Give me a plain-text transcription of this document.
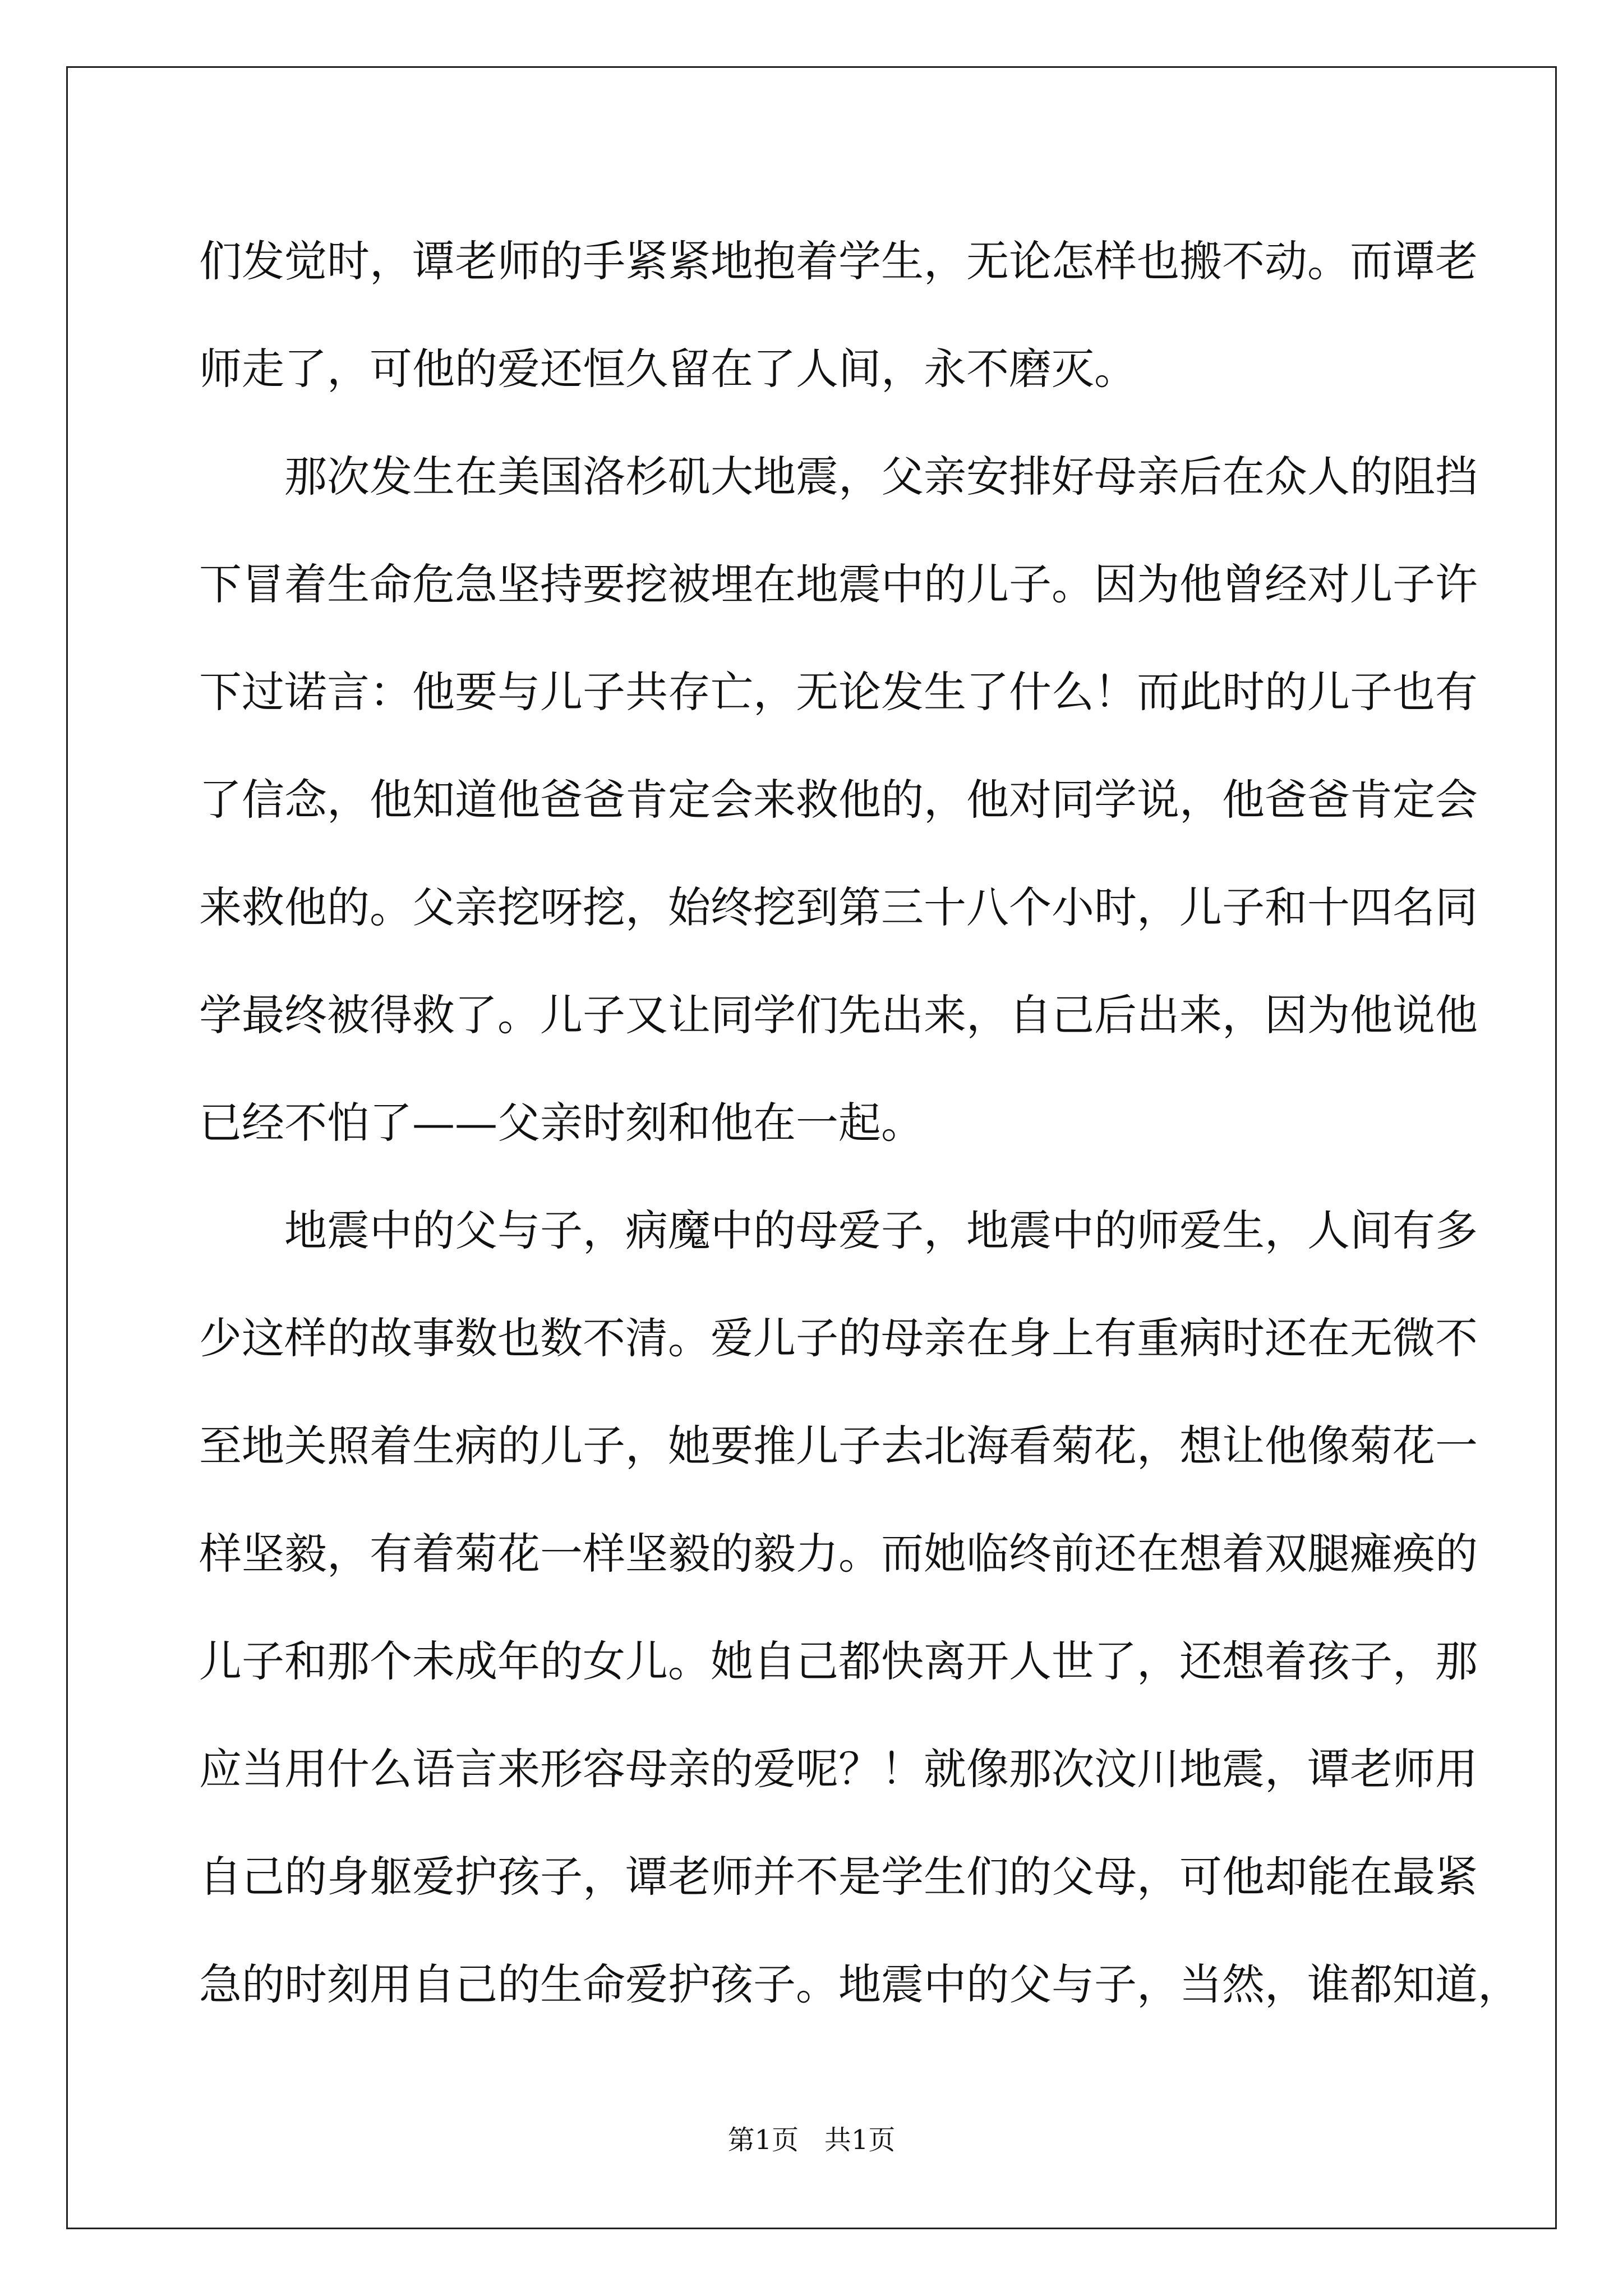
们发觉时，谭老师的手紧紧地抱着学生，无论怎样也搬不动。而谭老
师走了，可他的爱还恒久留在了人间，永不磨灭。
那次发生在美国洛杉矶大地震，父亲安排好母亲后在众人的阻挡
下冒着生命危急坚持要挖被埋在地震中的儿子。因为他曾经对儿子许
下过诺言：他要与儿子共存亡，无论发生了什么！而此时的儿子也有
了信念，他知道他爸爸肯定会来救他的，他对同学说，他爸爸肯定会
来救他的。父亲挖呀挖，始终挖到第三十八个小时，儿子和十四名同
学最终被得救了。儿子又让同学们先出来，自己后出来，因为他说他
已经不怕了——父亲时刻和他在一起。
地震中的父与子，病魔中的母爱子，地震中的师爱生，人间有多
少这样的故事数也数不清。爱儿子的母亲在身上有重病时还在无微不
至地关照着生病的儿子，她要推儿子去北海看菊花，想让他像菊花一
样坚毅，有着菊花一样坚毅的毅力。而她临终前还在想着双腿瘫痪的
儿子和那个未成年的女儿。她自己都快离开人世了，还想着孩子，那
应当用什么语言来形容母亲的爱呢？！就像那次汶川地震，谭老师用
自己的身躯爱护孩子，谭老师并不是学生们的父母，可他却能在最紧
急的时刻用自己的生命爱护孩子。地震中的父与子，当然，谁都知道，
第1页   共1页
